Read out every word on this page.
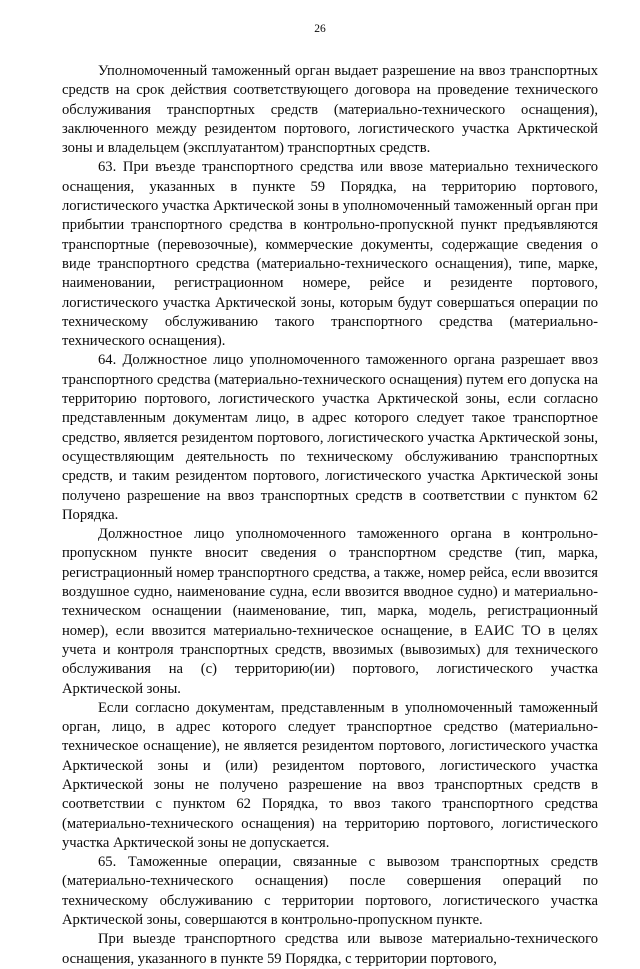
26

Уполномоченный таможенный орган выдает разрешение на ввоз транспортных средств на срок действия соответствующего договора на проведение технического обслуживания транспортных средств (материально-технического оснащения), заключенного между резидентом портового, логистического участка Арктической зоны и владельцем (эксплуатантом) транспортных средств.

63. При въезде транспортного средства или ввозе материально технического оснащения, указанных в пункте 59 Порядка, на территорию портового, логистического участка Арктической зоны в уполномоченный таможенный орган при прибытии транспортного средства в контрольно-пропускной пункт предъявляются транспортные (перевозочные), коммерческие документы, содержащие сведения о виде транспортного средства (материально-технического оснащения), типе, марке, наименовании, регистрационном номере, рейсе и резиденте портового, логистического участка Арктической зоны, которым будут совершаться операции по техническому обслуживанию такого транспортного средства (материально-технического оснащения).

64. Должностное лицо уполномоченного таможенного органа разрешает ввоз транспортного средства (материально-технического оснащения) путем его допуска на территорию портового, логистического участка Арктической зоны, если согласно представленным документам лицо, в адрес которого следует такое транспортное средство, является резидентом портового, логистического участка Арктической зоны, осуществляющим деятельность по техническому обслуживанию транспортных средств, и таким резидентом портового, логистического участка Арктической зоны получено разрешение на ввоз транспортных средств в соответствии с пунктом 62 Порядка.

Должностное лицо уполномоченного таможенного органа в контрольно-пропускном пункте вносит сведения о транспортном средстве (тип, марка, регистрационный номер транспортного средства, а также, номер рейса, если ввозится воздушное судно, наименование судна, если ввозится вводное судно) и материально-техническом оснащении (наименование, тип, марка, модель, регистрационный номер), если ввозится материально-техническое оснащение, в ЕАИС ТО в целях учета и контроля транспортных средств, ввозимых (вывозимых) для технического обслуживания на (с) территорию(ии) портового, логистического участка Арктической зоны.

Если согласно документам, представленным в уполномоченный таможенный орган, лицо, в адрес которого следует транспортное средство (материально-техническое оснащение), не является резидентом портового, логистического участка Арктической зоны и (или) резидентом портового, логистического участка Арктической зоны не получено разрешение на ввоз транспортных средств в соответствии с пунктом 62 Порядка, то ввоз такого транспортного средства (материально-технического оснащения) на территорию портового, логистического участка Арктической зоны не допускается.

65. Таможенные операции, связанные с вывозом транспортных средств (материально-технического оснащения) после совершения операций по техническому обслуживанию с территории портового, логистического участка Арктической зоны, совершаются в контрольно-пропускном пункте.

При выезде транспортного средства или вывозе материально-технического оснащения, указанного в пункте 59 Порядка, с территории портового,
